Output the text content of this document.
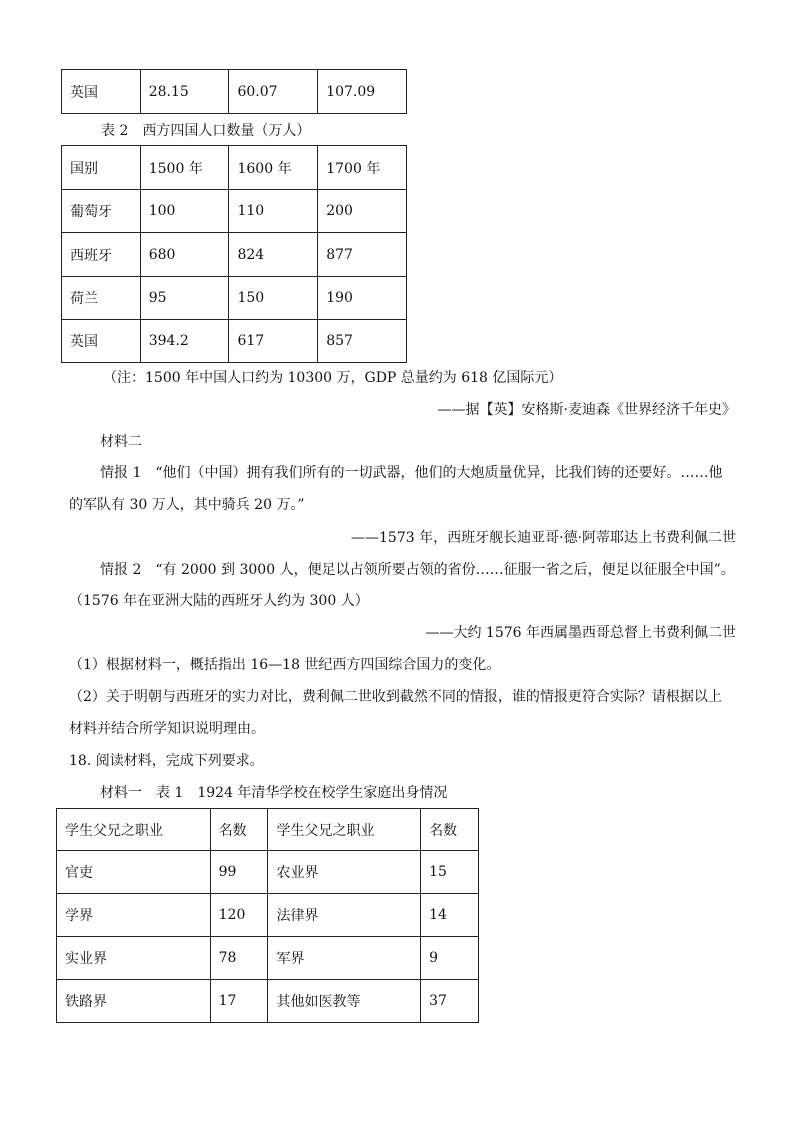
英国	28.15	60.07	107.09
表 2　西方四国人口数量（万人）
国别	1500 年	1600 年	1700 年
葡萄牙	100	110	200
西班牙	680	824	877
荷兰	95	150	190
英国	394.2	617	857
（注：1500 年中国人口约为 10300 万，GDP 总量约为 618 亿国际元）
——据【英】安格斯·麦迪森《世界经济千年史》
材料二
情报 1　“他们（中国）拥有我们所有的一切武器，他们的大炮质量优异，比我们铸的还要好。……他
的军队有 30 万人，其中骑兵 20 万。”
——1573 年，西班牙舰长迪亚哥·德·阿蒂耶达上书费利佩二世
情报 2　“有 2000 到 3000 人，便足以占领所要占领的省份……征服一省之后，便足以征服全中国”。
（1576 年在亚洲大陆的西班牙人约为 300 人）
——大约 1576 年西属墨西哥总督上书费利佩二世
（1）根据材料一，概括指出 16—18 世纪西方四国综合国力的变化。
（2）关于明朝与西班牙的实力对比，费利佩二世收到截然不同的情报，谁的情报更符合实际？请根据以上
材料并结合所学知识说明理由。
18. 阅读材料，完成下列要求。
材料一　表 1　1924 年清华学校在校学生家庭出身情况
学生父兄之职业	名数	学生父兄之职业	名数
官吏	99	农业界	15
学界	120	法律界	14
实业界	78	军界	9
铁路界	17	其他如医教等	37
